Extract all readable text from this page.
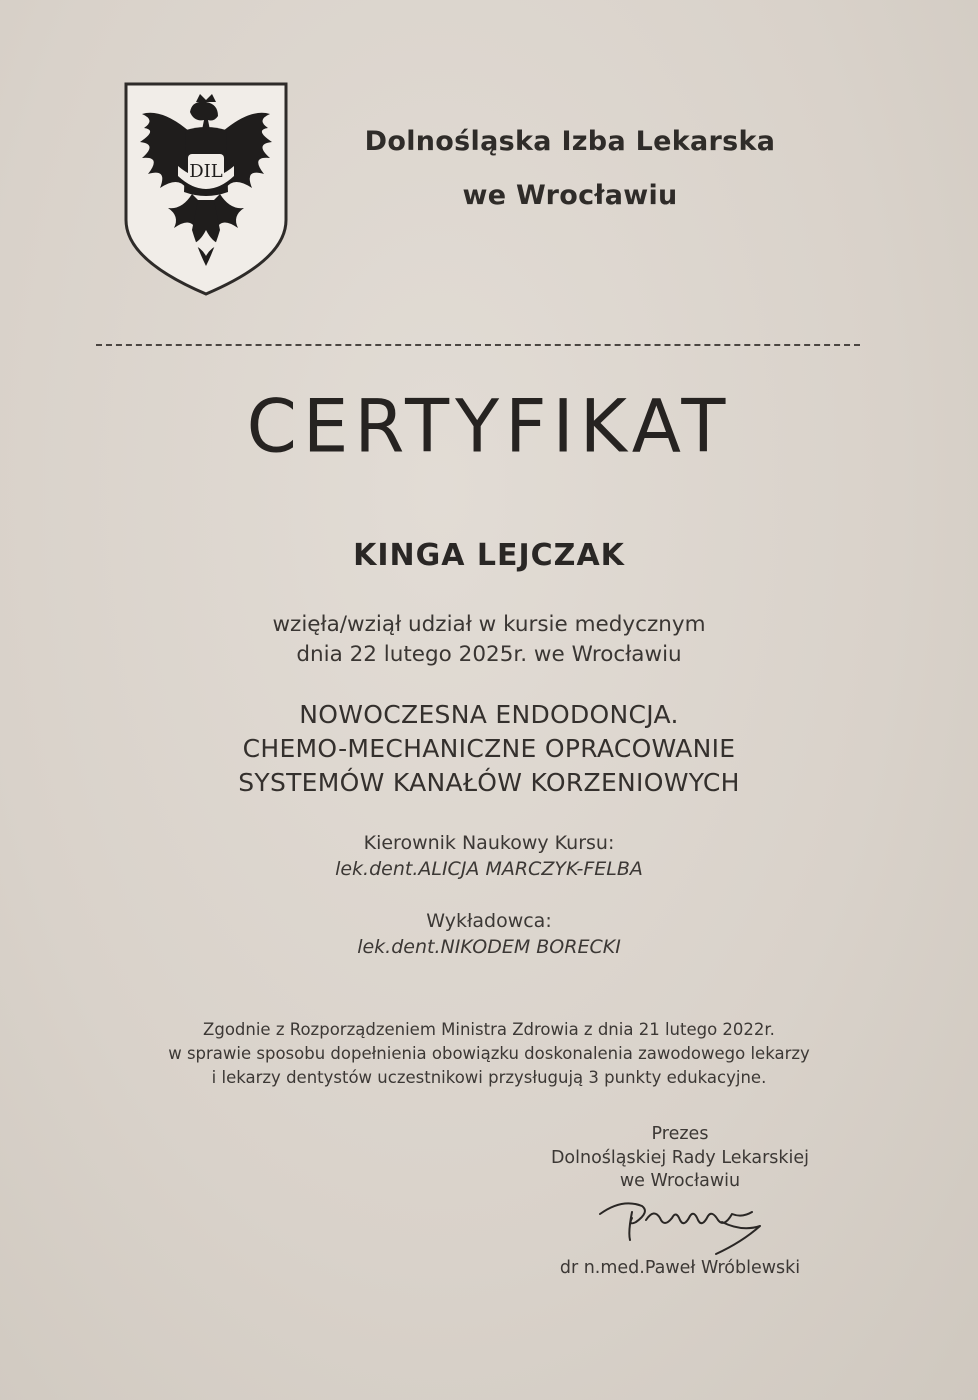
DIL
Dolnośląska Izba Lekarska
we Wrocławiu
CERTYFIKAT
KINGA LEJCZAK
wzięła/wziął udział w kursie medycznym
dnia 22 lutego 2025r. we Wrocławiu
NOWOCZESNA ENDODONCJA.
CHEMO-MECHANICZNE OPRACOWANIE
SYSTEMÓW KANAŁÓW KORZENIOWYCH
Kierownik Naukowy Kursu:
lek.dent.ALICJA MARCZYK-FELBA
Wykładowca:
lek.dent.NIKODEM BORECKI
Zgodnie z Rozporządzeniem Ministra Zdrowia z dnia 21 lutego 2022r.
w sprawie sposobu dopełnienia obowiązku doskonalenia zawodowego lekarzy
i lekarzy dentystów uczestnikowi przysługują 3 punkty edukacyjne.
Prezes
Dolnośląskiej Rady Lekarskiej
we Wrocławiu
dr n.med.Paweł Wróblewski
